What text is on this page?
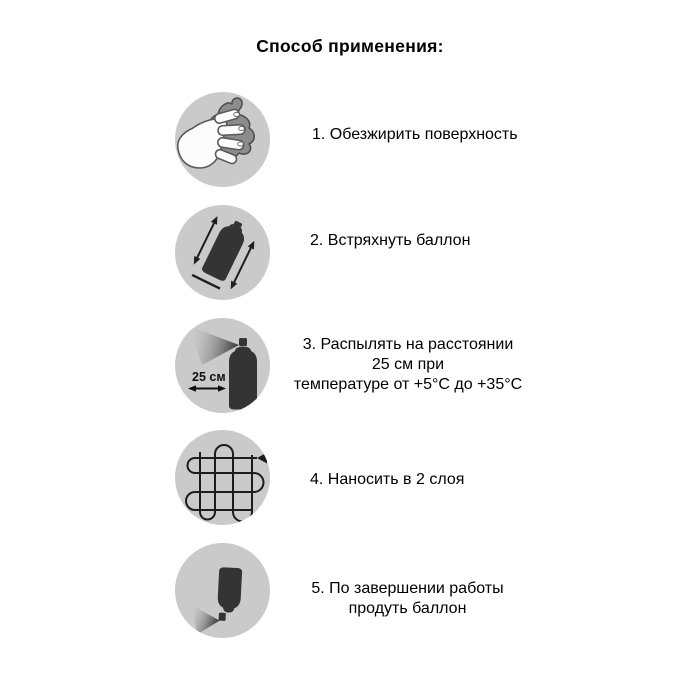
Способ применения:
1. Обезжирить поверхность
2. Встряхнуть баллон
25 см
3. Распылять на расстоянии
25 см при
температуре от +5°С до +35°С
4. Наносить в 2 слоя
5. По завершении работы
продуть баллон
